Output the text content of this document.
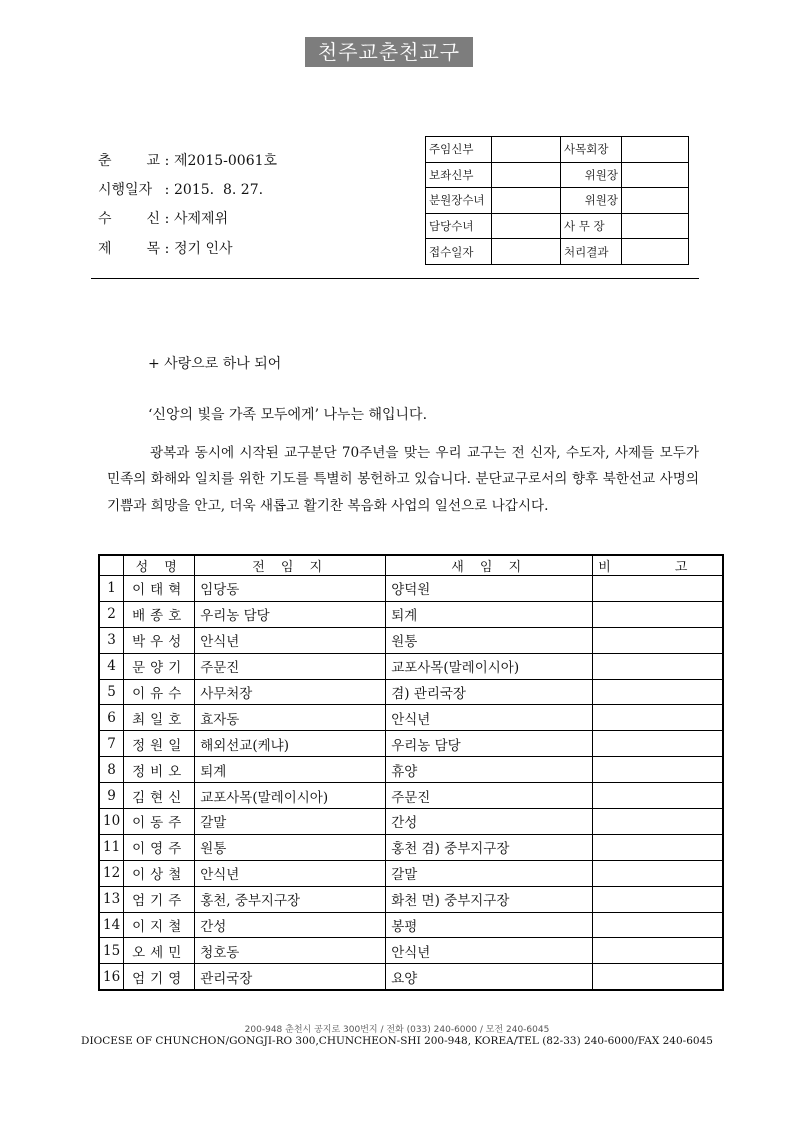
천주교춘천교구
춘 교 : 제2015-0061호
시행일자 : 2015.  8. 27.
수 신 : 사제제위
제 목 : 정기 인사
주임신부		사목회장	
보좌신부		위원장	
분원장수녀		위원장	
담당수녀		사 무 장	
접수일자		처리결과	
+ 사랑으로 하나 되어
‘신앙의 빛을 가족 모두에게’ 나누는 해입니다.
광복과 동시에 시작된 교구분단 70주년을 맞는 우리 교구는 전 신자, 수도자, 사제들 모두가 민족의 화해와 일치를 위한 기도를 특별히 봉헌하고 있습니다. 분단교구로서의 향후 북한선교 사명의 기쁨과 희망을 안고, 더욱 새롭고 활기찬 복음화 사업의 일선으로 나갑시다.
	성 명	전 임 지	새 임 지	비 고
1	이태혁	임당동	양덕원	
2	배종호	우리농 담당	퇴계	
3	박우성	안식년	원통	
4	문양기	주문진	교포사목(말레이시아)	
5	이유수	사무처장	겸) 관리국장	
6	최일호	효자동	안식년	
7	정원일	해외선교(케냐)	우리농 담당	
8	정비오	퇴계	휴양	
9	김현신	교포사목(말레이시아)	주문진	
10	이동주	갈말	간성	
11	이영주	원통	홍천 겸) 중부지구장	
12	이상철	안식년	갈말	
13	엄기주	홍천, 중부지구장	화천 면) 중부지구장	
14	이지철	간성	봉평	
15	오세민	청호동	안식년	
16	엄기영	관리국장	요양	
200-948 춘천시 공지로 300번지 / 전화 (033) 240-6000 / 모전 240-6045
DIOCESE OF CHUNCHON/GONGJI-RO 300,CHUNCHEON-SHI 200-948, KOREA/TEL (82-33) 240-6000/FAX 240-6045
